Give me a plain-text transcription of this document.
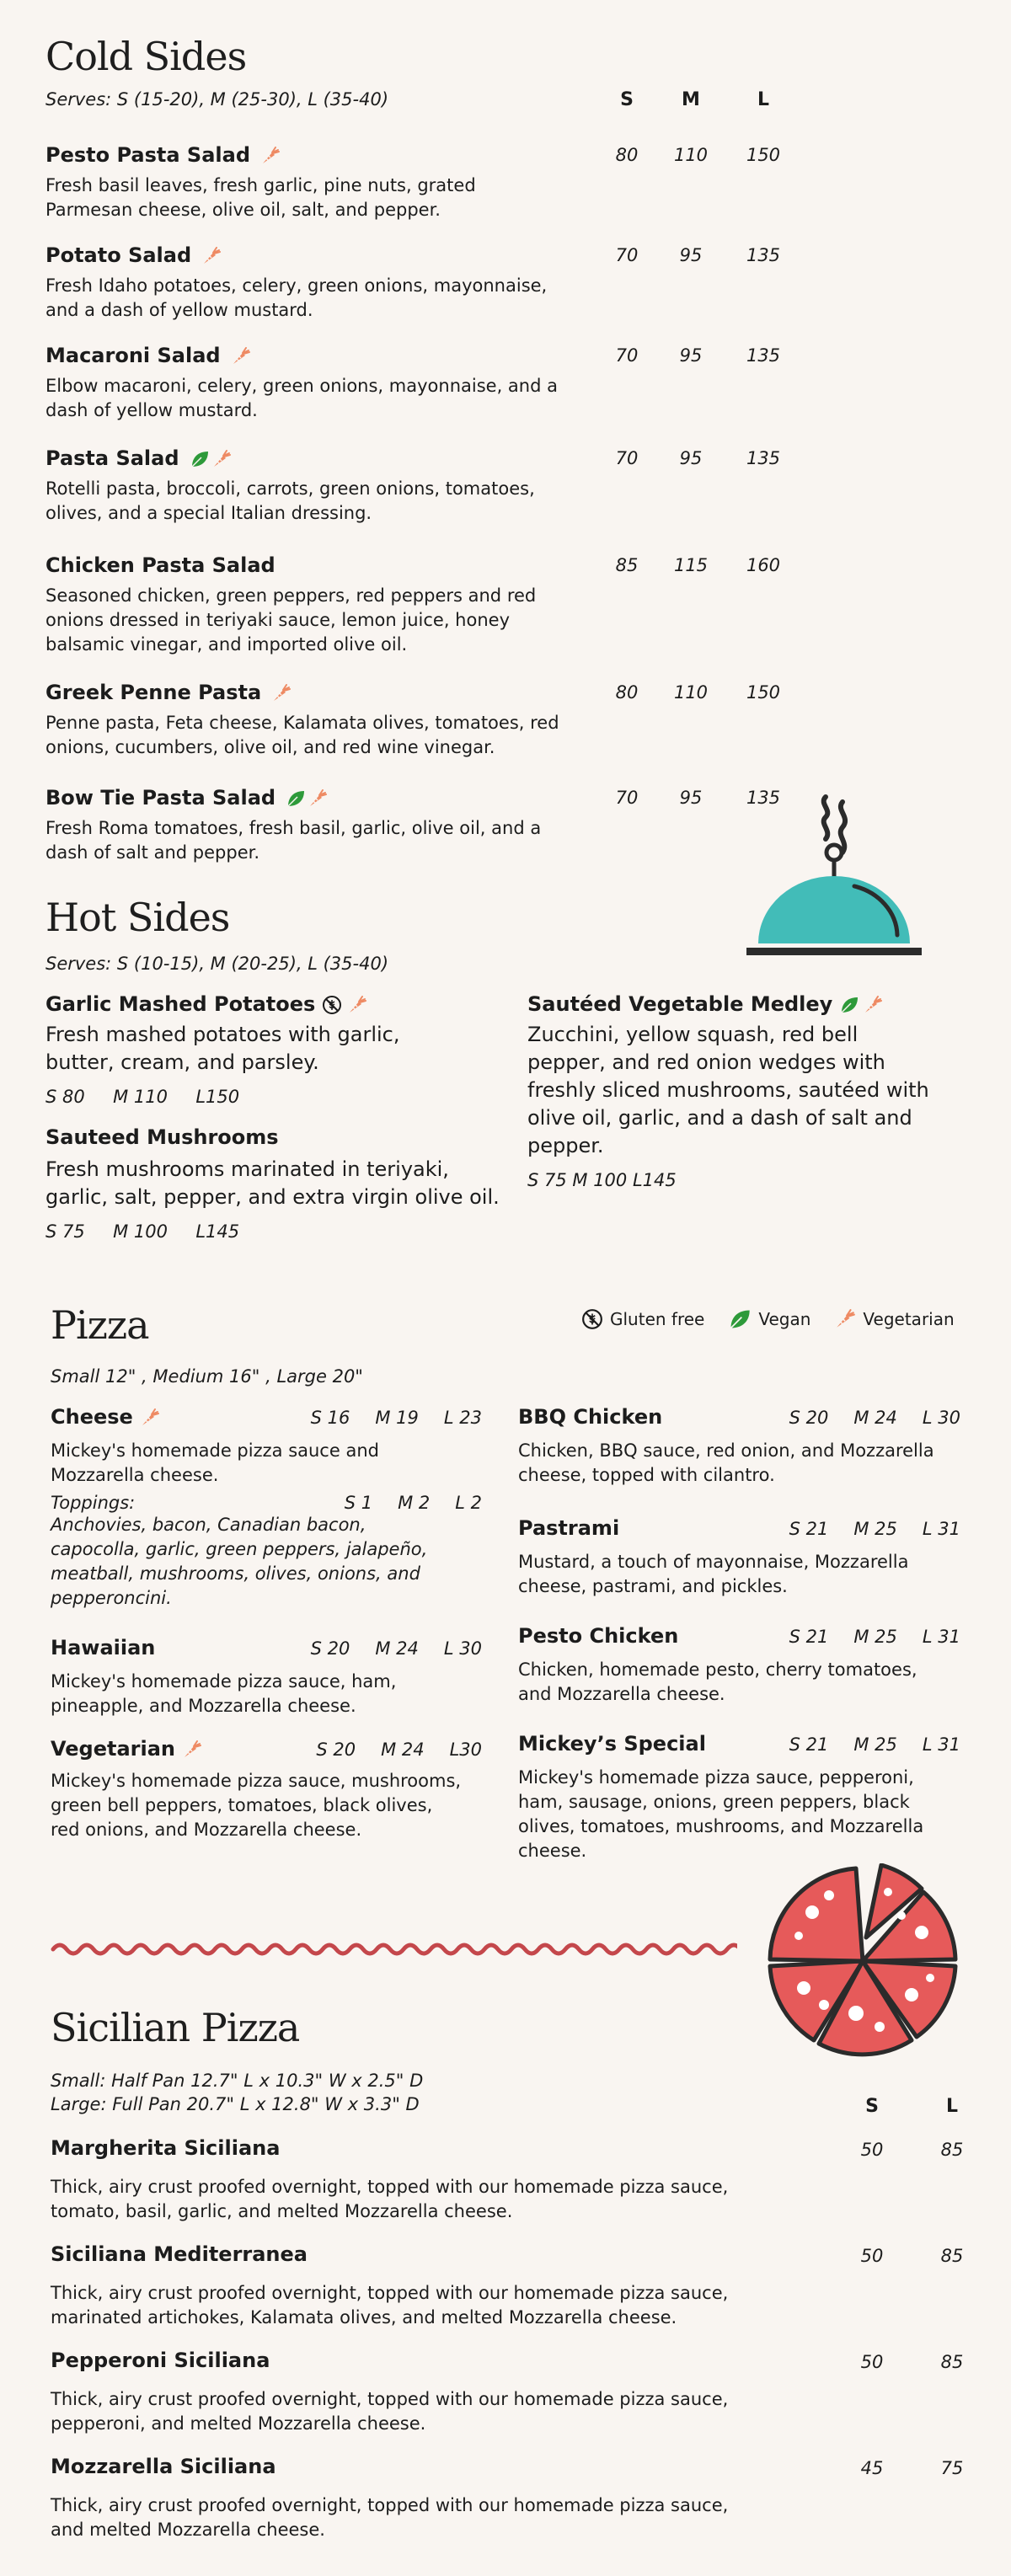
Cold Sides
Serves: S (15-20), M (25-30), L (35-40)	S	M	L
Pesto Pasta Salad
Fresh basil leaves, fresh garlic, pine nuts, grated
Parmesan cheese, olive oil, salt, and pepper.
80	110	150
Potato Salad
Fresh Idaho potatoes, celery, green onions, mayonnaise,
and a dash of yellow mustard.
70	95	135
Macaroni Salad
Elbow macaroni, celery, green onions, mayonnaise, and a
dash of yellow mustard.
70	95	135
Pasta Salad
Rotelli pasta, broccoli, carrots, green onions, tomatoes,
olives, and a special Italian dressing.
70	95	135
Chicken Pasta Salad
Seasoned chicken, green peppers, red peppers and red
onions dressed in teriyaki sauce, lemon juice, honey
balsamic vinegar, and imported olive oil.
85	115	160
Greek Penne Pasta
Penne pasta, Feta cheese, Kalamata olives, tomatoes, red
onions, cucumbers, olive oil, and red wine vinegar.
80	110	150
Bow Tie Pasta Salad
Fresh Roma tomatoes, fresh basil, garlic, olive oil, and a
dash of salt and pepper.
70	95	135
Hot Sides
Serves: S (10-15), M (20-25), L (35-40)
Garlic Mashed Potatoes
Fresh mashed potatoes with garlic,
butter, cream, and parsley.
S 80     M 110     L150
Sauteed Mushrooms
Fresh mushrooms marinated in teriyaki,
garlic, salt, pepper, and extra virgin olive oil.
S 75     M 100     L145
Sautéed Vegetable Medley
Zucchini, yellow squash, red bell
pepper, and red onion wedges with
freshly sliced mushrooms, sautéed with
olive oil, garlic, and a dash of salt and
pepper.
S 75 M 100 L145
Pizza	Gluten free	Vegan	Vegetarian
Small 12" , Medium 16" , Large 20"
Cheese	S 16 M 19 L 23
Mickey's homemade pizza sauce and
Mozzarella cheese.
Toppings:	S 1 M 2 L 2
Anchovies, bacon, Canadian bacon,
capocolla, garlic, green peppers, jalapeño,
meatball, mushrooms, olives, onions, and
pepperoncini.
Hawaiian	S 20 M 24 L 30
Mickey's homemade pizza sauce, ham,
pineapple, and Mozzarella cheese.
Vegetarian	S 20 M 24 L30
Mickey's homemade pizza sauce, mushrooms,
green bell peppers, tomatoes, black olives,
red onions, and Mozzarella cheese.
BBQ Chicken	S 20 M 24 L 30
Chicken, BBQ sauce, red onion, and Mozzarella
cheese, topped with cilantro.
Pastrami	S 21 M 25 L 31
Mustard, a touch of mayonnaise, Mozzarella
cheese, pastrami, and pickles.
Pesto Chicken	S 21 M 25 L 31
Chicken, homemade pesto, cherry tomatoes,
and Mozzarella cheese.
Mickey’s Special	S 21 M 25 L 31
Mickey's homemade pizza sauce, pepperoni,
ham, sausage, onions, green peppers, black
olives, tomatoes, mushrooms, and Mozzarella
cheese.
Sicilian Pizza
Small: Half Pan 12.7" L x 10.3" W x 2.5" D
Large: Full Pan 20.7" L x 12.8" W x 3.3" D	S	L
Margherita Siciliana
Thick, airy crust proofed overnight, topped with our homemade pizza sauce,
tomato, basil, garlic, and melted Mozzarella cheese.
50	85
Siciliana Mediterranea
Thick, airy crust proofed overnight, topped with our homemade pizza sauce,
marinated artichokes, Kalamata olives, and melted Mozzarella cheese.
50	85
Pepperoni Siciliana
Thick, airy crust proofed overnight, topped with our homemade pizza sauce,
pepperoni, and melted Mozzarella cheese.
50	85
Mozzarella Siciliana
Thick, airy crust proofed overnight, topped with our homemade pizza sauce,
and melted Mozzarella cheese.
45	75
